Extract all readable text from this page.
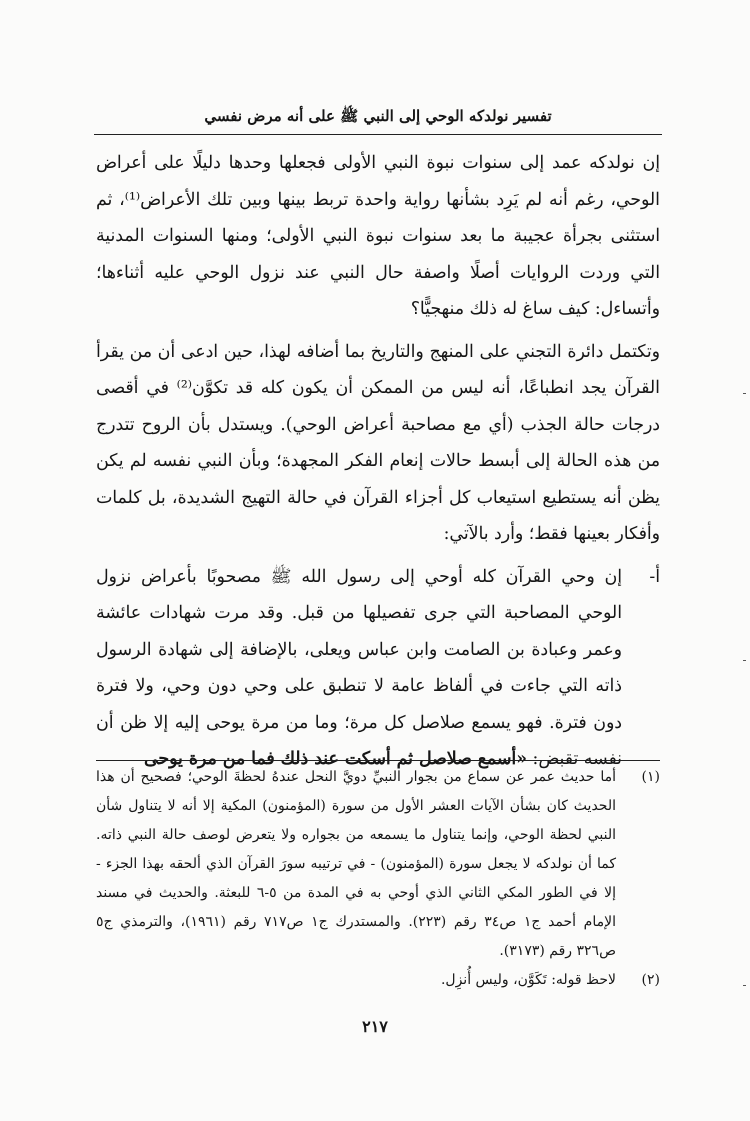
تفسير نولدكه الوحي إلى النبي ﷺ على أنه مرض نفسي

إن نولدكه عمد إلى سنوات نبوة النبي الأولى فجعلها وحدها دليلًا على أعراض الوحي، رغم أنه لم يَرِد بشأنها رواية واحدة تربط بينها وبين تلك الأعراض⁽¹⁾، ثم استثنى بجرأة عجيبة ما بعد سنوات نبوة النبي الأولى؛ ومنها السنوات المدنية التي وردت الروايات أصلًا واصفة حال النبي عند نزول الوحي عليه أثناءها؛ وأتساءل: كيف ساغ له ذلك منهجيًّا؟

وتكتمل دائرة التجني على المنهج والتاريخ بما أضافه لهذا، حين ادعى أن من يقرأ القرآن يجد انطباعًا، أنه ليس من الممكن أن يكون كله قد تكوَّن⁽²⁾ في أقصى درجات حالة الجذب (أي مع مصاحبة أعراض الوحي). ويستدل بأن الروح تتدرج من هذه الحالة إلى أبسط حالات إنعام الفكر المجهدة؛ وبأن النبي نفسه لم يكن يظن أنه يستطيع استيعاب كل أجزاء القرآن في حالة التهيج الشديدة، بل كلمات وأفكار بعينها فقط؛ وأرد بالآتي:

أ-
إن وحي القرآن كله أوحي إلى رسول الله ﷺ مصحوبًا بأعراض نزول الوحي المصاحبة التي جرى تفصيلها من قبل. وقد مرت شهادات عائشة وعمر وعبادة بن الصامت وابن عباس ويعلى، بالإضافة إلى شهادة الرسول ذاته التي جاءت في ألفاظ عامة لا تنطبق على وحي دون وحي، ولا فترة دون فترة. فهو يسمع صلاصل كل مرة؛ وما من مرة يوحى إليه إلا ظن أن نفسه تقبض: «أسمع صلاصل ثم أسكت عند ذلك فما من مرة يوحى
(١)
أما حديث عمر عن سماع من بجوار النبيِّ دويَّ النحل عندهُ لحظةَ الوحي؛ فصحيح أن هذا الحديث كان بشأن الآيات العشر الأول من سورة (المؤمنون) المكية إلا أنه لا يتناول شأن النبي لحظة الوحي، وإنما يتناول ما يسمعه من بجواره ولا يتعرض لوصف حالة النبي ذاته. كما أن نولدكه لا يجعل سورة (المؤمنون) - في ترتيبه سورَ القرآن الذي ألحقه بهذا الجزء - إلا في الطور المكي الثاني الذي أوحي به في المدة من ٥-٦ للبعثة. والحديث في مسند الإمام أحمد ج١ ص٣٤ رقم (٢٢٣). والمستدرك ج١ ص٧١٧ رقم (١٩٦١)، والترمذي ج٥ ص٣٢٦ رقم (٣١٧٣).
(٢)
لاحظ قوله: تَكَوَّن، وليس أُنزِل.
٢١٧
